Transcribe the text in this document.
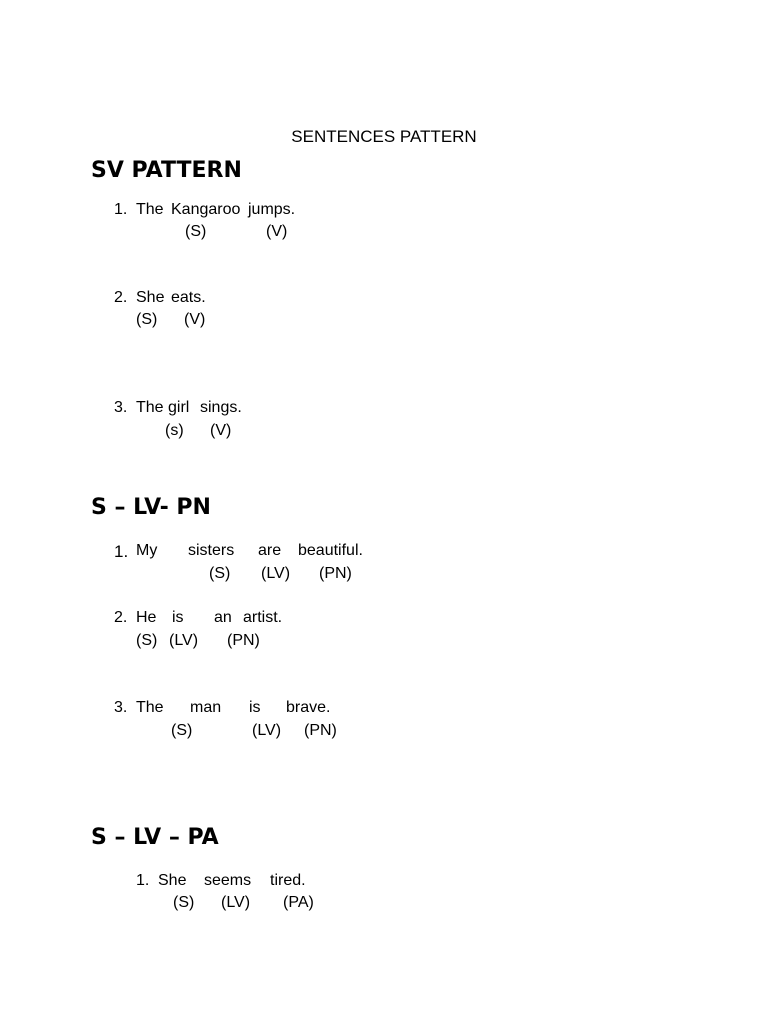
SENTENCES PATTERN
SV PATTERN
1. The Kangaroo jumps.
(S)	(V)
2. She eats.
(S) (V)
3. The girl sings.
(s) (V)
S – LV- PN
1. My sisters are beautiful.
(S) (LV) (PN)
2. He is an artist.
(S) (LV) (PN)
3. The man is brave.
(S)	(LV) (PN)
S – LV – PA
1. She seems tired.
(S) (LV) (PA)
